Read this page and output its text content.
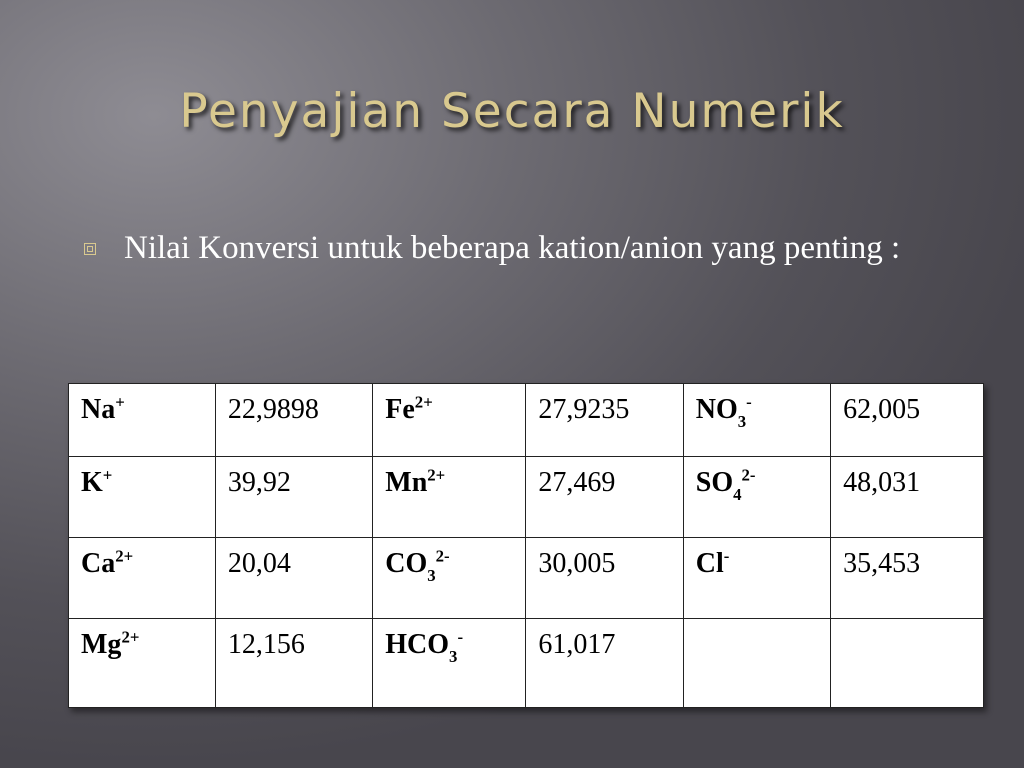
Penyajian Secara Numerik
Nilai Konversi untuk beberapa kation/anion yang penting :
Na+	22,9898	$Fe^{2+}$	27,9235	$NO_3^-$	62,005
K+	39,92	$Mn^{2+}$	27,469	$SO_4^{2-}$	48,031
$Ca^{2+}$	20,04	$CO_3^{2-}$	30,005	Cl-	35,453
$Mg^{2+}$	12,156	$HCO_3^-$	61,017		
